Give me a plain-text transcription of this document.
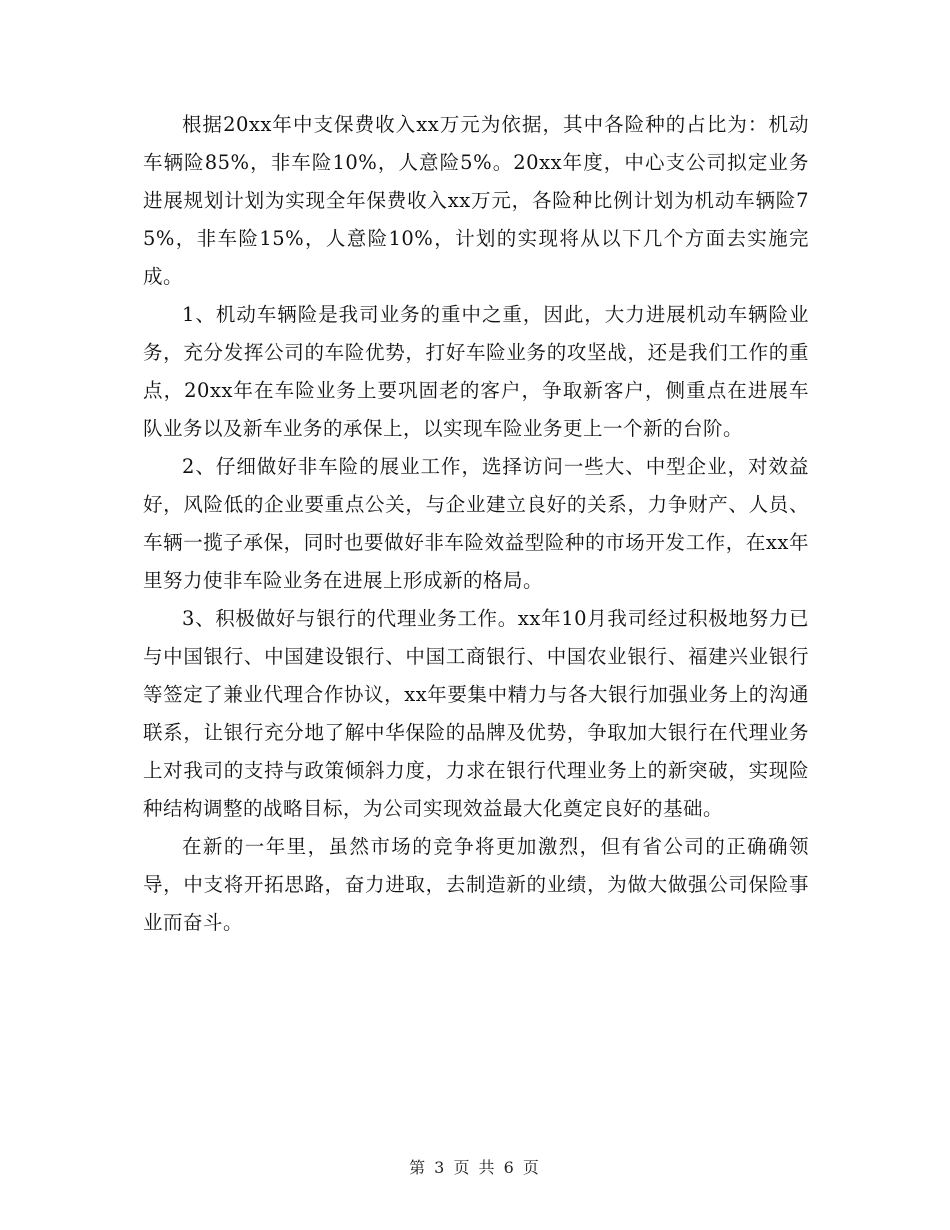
根据20xx年中支保费收入xx万元为依据，其中各险种的占比为：机动车辆险85%，非车险10%，人意险5%。20xx年度，中心支公司拟定业务进展规划计划为实现全年保费收入xx万元，各险种比例计划为机动车辆险75%，非车险15%，人意险10%，计划的实现将从以下几个方面去实施完成。

1、机动车辆险是我司业务的重中之重，因此，大力进展机动车辆险业务，充分发挥公司的车险优势，打好车险业务的攻坚战，还是我们工作的重点，20xx年在车险业务上要巩固老的客户，争取新客户，侧重点在进展车队业务以及新车业务的承保上，以实现车险业务更上一个新的台阶。

2、仔细做好非车险的展业工作，选择访问一些大、中型企业，对效益好，风险低的企业要重点公关，与企业建立良好的关系，力争财产、人员、车辆一揽子承保，同时也要做好非车险效益型险种的市场开发工作，在xx年里努力使非车险业务在进展上形成新的格局。

3、积极做好与银行的代理业务工作。xx年10月我司经过积极地努力已与中国银行、中国建设银行、中国工商银行、中国农业银行、福建兴业银行等签定了兼业代理合作协议，xx年要集中精力与各大银行加强业务上的沟通联系，让银行充分地了解中华保险的品牌及优势，争取加大银行在代理业务上对我司的支持与政策倾斜力度，力求在银行代理业务上的新突破，实现险种结构调整的战略目标，为公司实现效益最大化奠定良好的基础。

在新的一年里，虽然市场的竞争将更加激烈，但有省公司的正确确领导，中支将开拓思路，奋力进取，去制造新的业绩，为做大做强公司保险事业而奋斗。

第 3 页 共 6 页
